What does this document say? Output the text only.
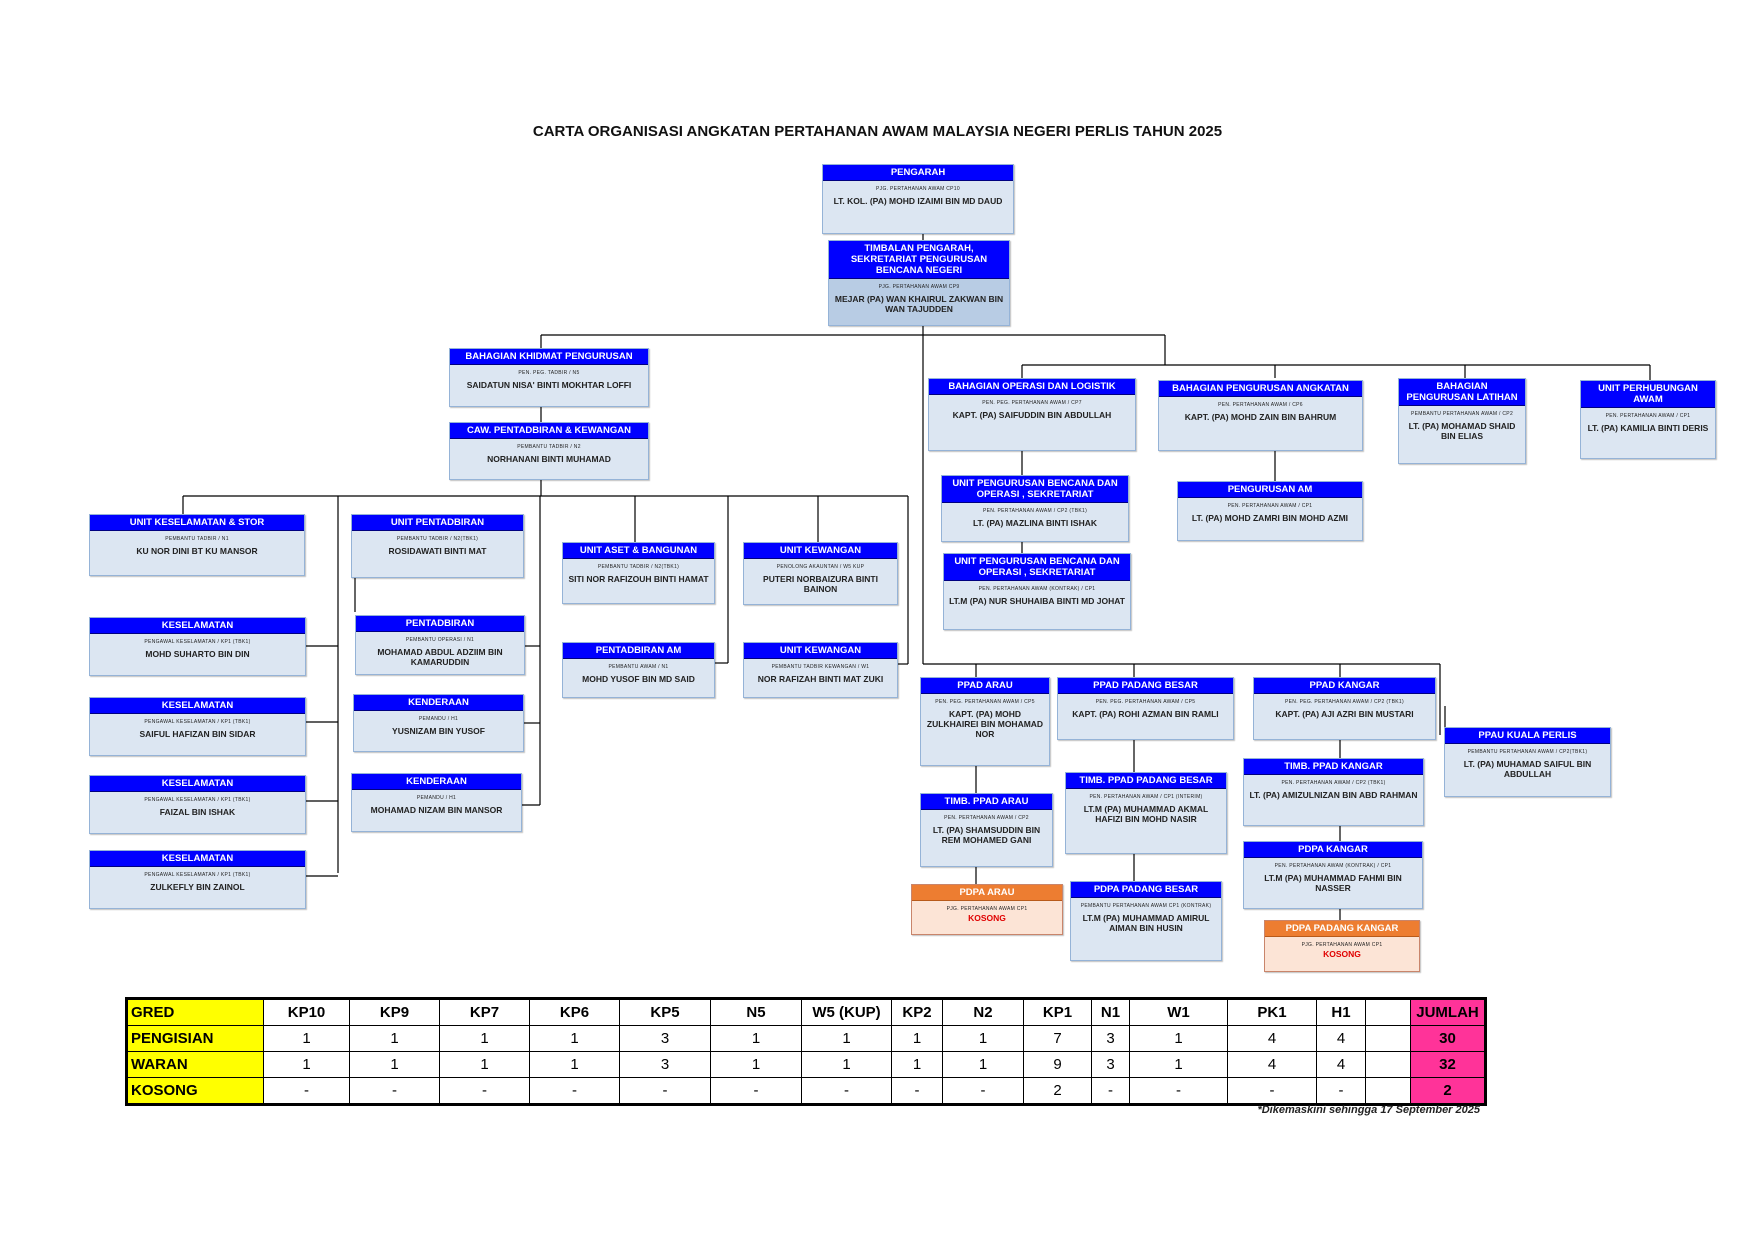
CARTA ORGANISASI ANGKATAN PERTAHANAN AWAM MALAYSIA NEGERI PERLIS TAHUN 2025
PENGARAH
PJG. PERTAHANAN AWAM CP10
LT. KOL. (PA) MOHD IZAIMI BIN MD DAUD
TIMBALAN PENGARAH, SEKRETARIAT PENGURUSAN BENCANA NEGERI
PJG. PERTAHANAN AWAM CP9
MEJAR (PA) WAN KHAIRUL ZAKWAN BIN WAN TAJUDDEN
BAHAGIAN KHIDMAT PENGURUSAN
PEN. PEG. TADBIR / N5
SAIDATUN NISA' BINTI MOKHTAR LOFFI
CAW. PENTADBIRAN & KEWANGAN
PEMBANTU TADBIR / N2
NORHANANI BINTI MUHAMAD
UNIT KESELAMATAN & STOR
PEMBANTU TADBIR / N1
KU NOR DINI BT KU MANSOR
KESELAMATAN
PENGAWAL KESELAMATAN / KP1 (TBK1)
MOHD SUHARTO BIN DIN
KESELAMATAN
PENGAWAL KESELAMATAN / KP1 (TBK1)
SAIFUL HAFIZAN BIN SIDAR
KESELAMATAN
PENGAWAL KESELAMATAN / KP1 (TBK1)
FAIZAL BIN ISHAK
KESELAMATAN
PENGAWAL KESELAMATAN / KP1 (TBK1)
ZULKEFLY BIN ZAINOL
UNIT PENTADBIRAN
PEMBANTU TADBIR / N2(TBK1)
ROSIDAWATI BINTI MAT
PENTADBIRAN
PEMBANTU OPERASI / N1
MOHAMAD ABDUL ADZIIM BIN KAMARUDDIN
KENDERAAN
PEMANDU / H1
YUSNIZAM BIN YUSOF
KENDERAAN
PEMANDU / H1
MOHAMAD NIZAM BIN MANSOR
UNIT ASET & BANGUNAN
PEMBANTU TADBIR / N2(TBK1)
SITI NOR RAFIZOUH BINTI HAMAT
PENTADBIRAN AM
PEMBANTU AWAM / N1
MOHD YUSOF BIN MD SAID
UNIT KEWANGAN
PENOLONG AKAUNTAN / W5 KUP
PUTERI NORBAIZURA BINTI BAINON
UNIT KEWANGAN
PEMBANTU TADBIR KEWANGAN / W1
NOR RAFIZAH BINTI MAT ZUKI
BAHAGIAN OPERASI DAN LOGISTIK
PEN. PEG. PERTAHANAN AWAM / CP7
KAPT. (PA) SAIFUDDIN BIN ABDULLAH
UNIT PENGURUSAN BENCANA DAN OPERASI , SEKRETARIAT
PEN. PERTAHANAN AWAM / CP2 (TBK1)
LT. (PA) MAZLINA BINTI ISHAK
UNIT PENGURUSAN BENCANA DAN OPERASI , SEKRETARIAT
PEN. PERTAHANAN AWAM (KONTRAK) / CP1
LT.M (PA) NUR SHUHAIBA BINTI MD JOHAT
BAHAGIAN PENGURUSAN ANGKATAN
PEN. PERTAHANAN AWAM / CP6
KAPT. (PA) MOHD ZAIN BIN BAHRUM
PENGURUSAN AM
PEN. PERTAHANAN AWAM / CP1
LT. (PA) MOHD ZAMRI BIN MOHD AZMI
BAHAGIAN PENGURUSAN LATIHAN
PEMBANTU PERTAHANAN AWAM / CP2
LT. (PA) MOHAMAD SHAID BIN ELIAS
UNIT PERHUBUNGAN AWAM
PEN. PERTAHANAN AWAM / CP1
LT. (PA) KAMILIA BINTI DERIS
PPAD ARAU
PEN. PEG. PERTAHANAN AWAM / CP5
KAPT. (PA) MOHD ZULKHAIREI BIN MOHAMAD NOR
TIMB. PPAD ARAU
PEN. PERTAHANAN AWAM / CP2
LT. (PA) SHAMSUDDIN BIN REM MOHAMED GANI
PDPA ARAU
PJG. PERTAHANAN AWAM CP1
KOSONG
PPAD PADANG BESAR
PEN. PEG. PERTAHANAN AWAM / CP5
KAPT. (PA) ROHI AZMAN BIN RAMLI
TIMB. PPAD PADANG BESAR
PEN. PERTAHANAN AWAM / CP1 (INTERIM)
LT.M (PA) MUHAMMAD AKMAL HAFIZI BIN MOHD NASIR
PDPA PADANG BESAR
PEMBANTU PERTAHANAN AWAM CP1 (KONTRAK)
LT.M (PA) MUHAMMAD AMIRUL AIMAN BIN HUSIN
PPAD KANGAR
PEN. PEG. PERTAHANAN AWAM / CP2 (TBK1)
KAPT. (PA) AJI AZRI BIN MUSTARI
TIMB. PPAD KANGAR
PEN. PERTAHANAN AWAM / CP2 (TBK1)
LT. (PA) AMIZULNIZAN BIN ABD RAHMAN
PDPA KANGAR
PEN. PERTAHANAN AWAM (KONTRAK) / CP1
LT.M (PA) MUHAMMAD FAHMI BIN NASSER
PDPA PADANG KANGAR
PJG. PERTAHANAN AWAM CP1
KOSONG
PPAU KUALA PERLIS
PEMBANTU PERTAHANAN AWAM / CP2(TBK1)
LT. (PA) MUHAMAD SAIFUL BIN ABDULLAH
GRED	KP10	KP9	KP7	KP6	KP5	N5	W5 (KUP)	KP2	N2	KP1	N1	W1	PK1	H1		JUMLAH
PENGISIAN	1	1	1	1	3	1	1	1	1	7	3	1	4	4		30
WARAN	1	1	1	1	3	1	1	1	1	9	3	1	4	4		32
KOSONG	-	-	-	-	-	-	-	-	-	2	-	-	-	-		2
*Dikemaskini sehingga 17 September 2025
